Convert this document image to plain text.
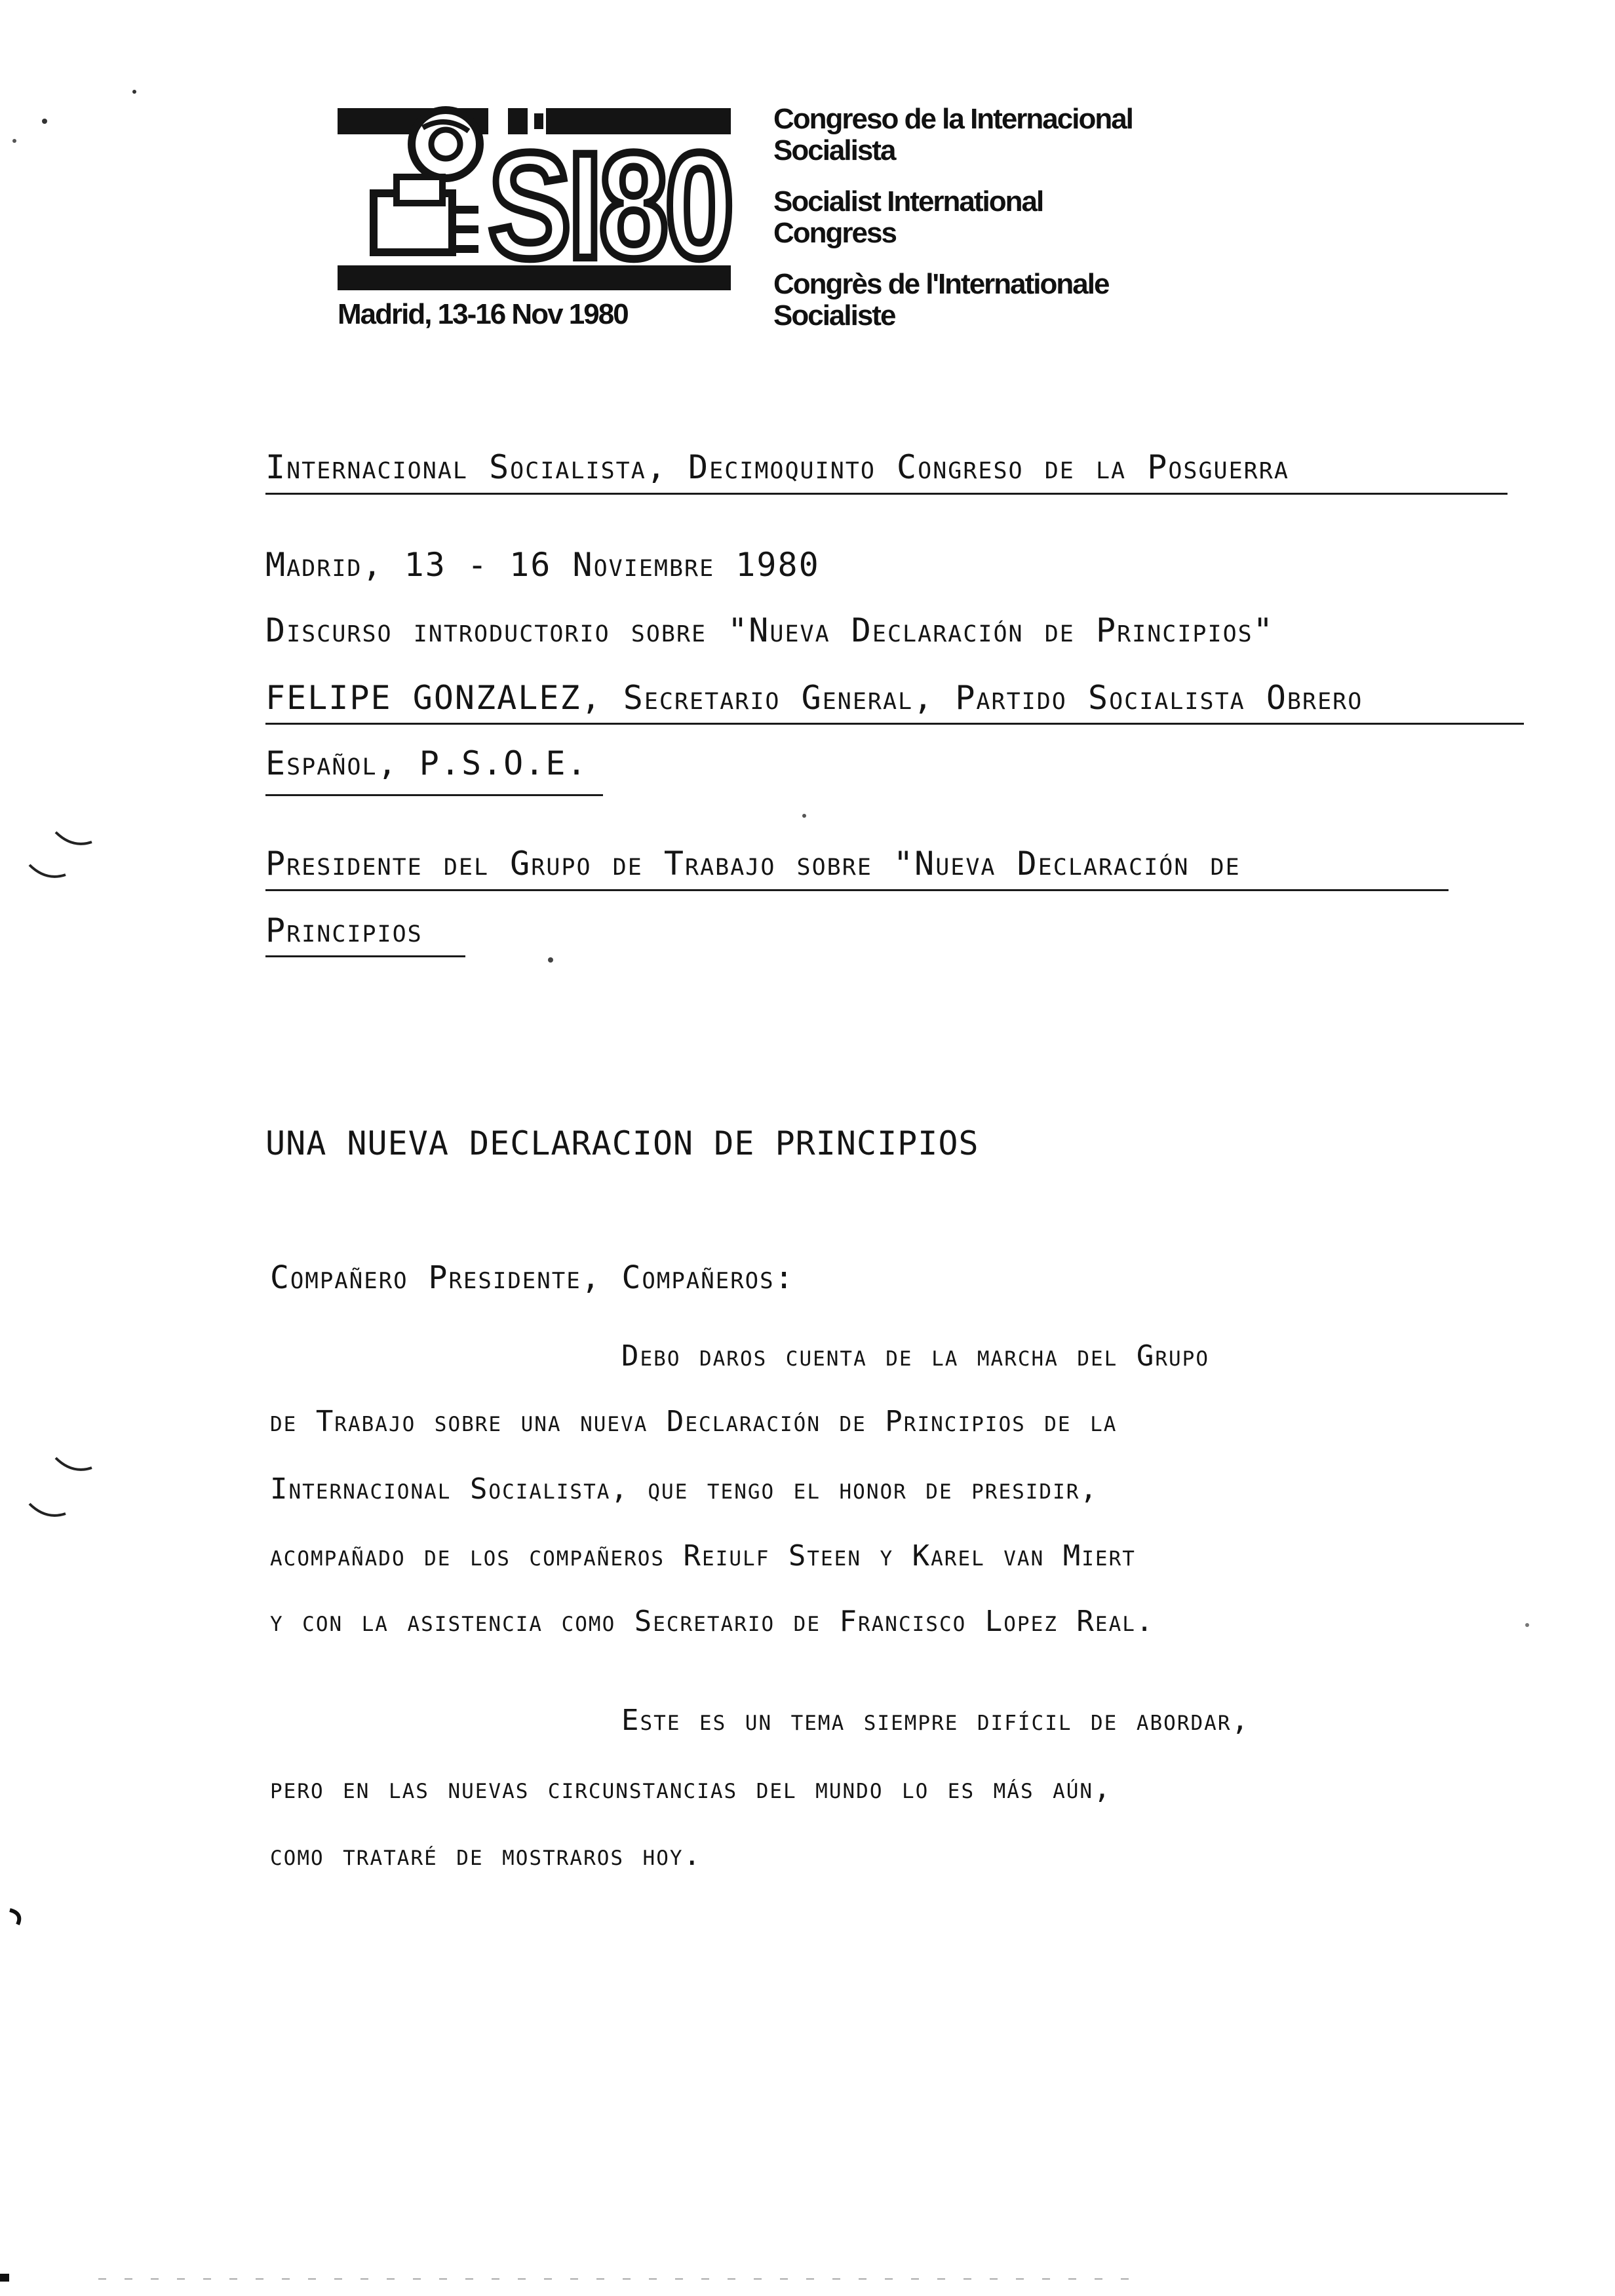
SI80
Madrid, 13-16 Nov 1980
Congreso de la Internacional
Socialista
Socialist International
Congress
Congrès de l'Internationale
Socialiste
Internacional Socialista, Decimoquinto Congreso de la Posguerra
Madrid, 13 - 16 Noviembre 1980
Discurso introductorio sobre "Nueva Declaración de Principios"
FELIPE GONZALEZ, Secretario General, Partido Socialista Obrero
Español, P.S.O.E.
Presidente del Grupo de Trabajo sobre "Nueva Declaración de
Principios
UNA NUEVA DECLARACION DE PRINCIPIOS
Compañero Presidente, Compañeros:
Debo daros cuenta de la marcha del Grupo
de Trabajo sobre una nueva Declaración de Principios de la
Internacional Socialista, que tengo el honor de presidir,
acompañado de los compañeros Reiulf Steen y Karel van Miert
y con la asistencia como Secretario de Francisco Lopez Real.
Este es un tema siempre difícil de abordar,
pero en las nuevas circunstancias del mundo lo es más aún,
como trataré de mostraros hoy.
